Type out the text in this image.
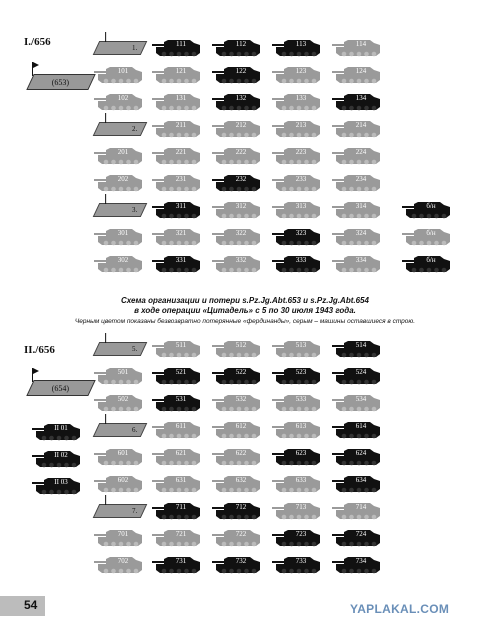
I./656
(653)
1.	111	112	113	114
101	121	122	123	124
102	131	132	133	134
2.	211	212	213	214
201	221	222	223	224
202	231	232	233	234
3.	311	312	313	314	б/н
301	321	322	323	324	б/н
302	331	332	333	334	б/н
Схема организации и потери s.Pz.Jg.Abt.653 и s.Pz.Jg.Abt.654
в ходе операции «Цитадель» с 5 по 30 июля 1943 года.
Черным цветом показаны безвозвратно потерянные «фердинанды», серым – машины оставшиеся в строю.
II./656
(654)
II 01
II 02
II 03
5.	511	512	513	514
501	521	522	523	524
502	531	532	533	534
6.	611	612	613	614
601	621	622	623	624
602	631	632	633	634
7.	711	712	713	714
701	721	722	723	724
702	731	732	733	734
54	YAPLAKAL.COM
